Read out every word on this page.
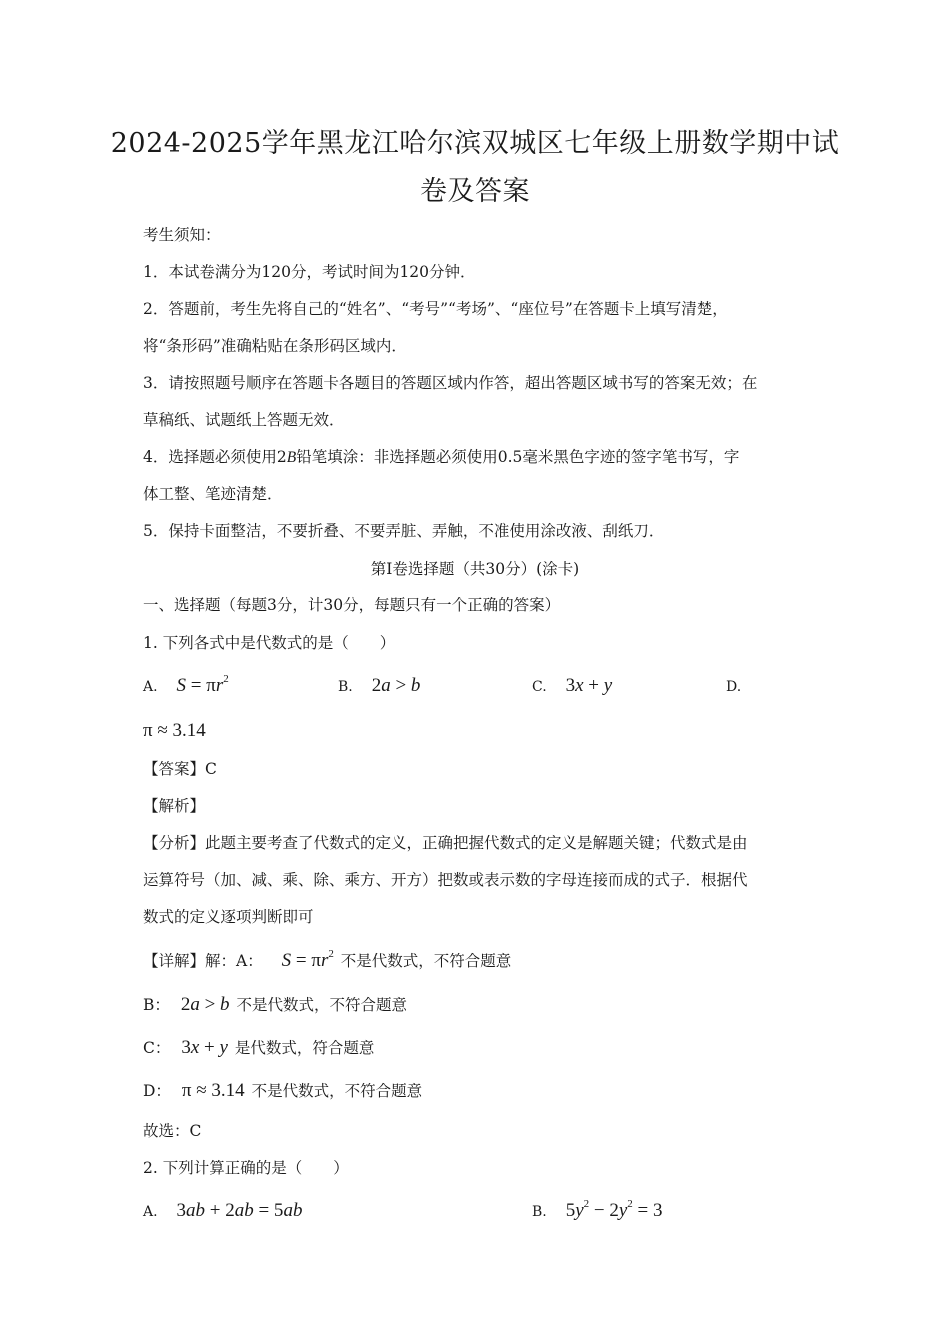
2024-2025学年黑龙江哈尔滨双城区七年级上册数学期中试
卷及答案
考生须知：
1．本试卷满分为120分，考试时间为120分钟．
2．答题前，考生先将自己的“姓名”、“考号”“考场”、“座位号”在答题卡上填写清楚，
将“条形码”准确粘贴在条形码区域内．
3．请按照题号顺序在答题卡各题目的答题区域内作答，超出答题区域书写的答案无效；在
草稿纸、试题纸上答题无效．
4．选择题必须使用2B铅笔填涂：非选择题必须使用0.5毫米黑色字迹的签字笔书写，字
体工整、笔迹清楚．
5．保持卡面整洁，不要折叠、不要弄脏、弄触，不准使用涂改液、刮纸刀．
第Ⅰ卷选择题（共30分）(涂卡)
一、选择题（每题3分，计30分，每题只有一个正确的答案）
1. 下列各式中是代数式的是（　　）
A. $S = \pi r^2$	B. 2a > b	C. 3x + y	D.
π ≈ 3.14
【答案】C
【解析】
【分析】此题主要考查了代数式的定义，正确把握代数式的定义是解题关键；代数式是由
运算符号（加、减、乘、除、乘方、开方）把数或表示数的字母连接而成的式子．根据代
数式的定义逐项判断即可
【详解】解：A： $S = \pi r^2$ 不是代数式，不符合题意
B： 2a > b 不是代数式，不符合题意
C： 3x + y 是代数式，符合题意
D： π ≈ 3.14 不是代数式，不符合题意
故选：C
2. 下列计算正确的是（　　）
A. 3ab + 2ab = 5ab	B. $5y^2 - 2y^2 = 3$
